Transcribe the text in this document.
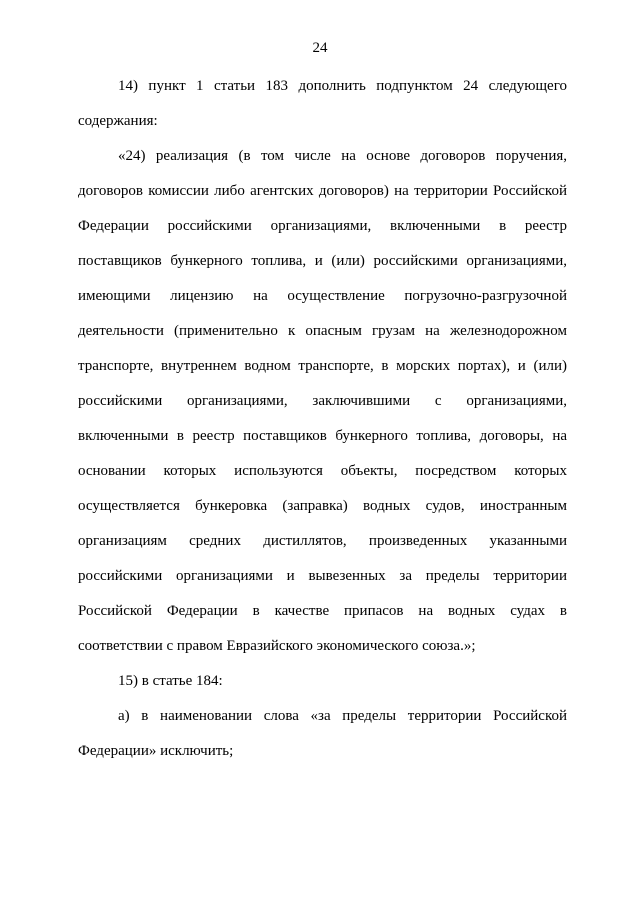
24
14) пункт 1 статьи 183 дополнить подпунктом 24 следующего
содержания:
«24) реализация (в том числе на основе договоров поручения,
договоров комиссии либо агентских договоров) на территории Российской
Федерации российскими организациями, включенными в реестр
поставщиков бункерного топлива, и (или) российскими организациями,
имеющими лицензию на осуществление погрузочно-разгрузочной
деятельности (применительно к опасным грузам на железнодорожном
транспорте, внутреннем водном транспорте, в морских портах), и (или)
российскими организациями, заключившими с организациями,
включенными в реестр поставщиков бункерного топлива, договоры, на
основании которых используются объекты, посредством которых
осуществляется бункеровка (заправка) водных судов, иностранным
организациям средних дистиллятов, произведенных указанными
российскими организациями и вывезенных за пределы территории
Российской Федерации в качестве припасов на водных судах в
соответствии с правом Евразийского экономического союза.»;
15) в статье 184:
а) в наименовании слова «за пределы территории Российской
Федерации» исключить;
